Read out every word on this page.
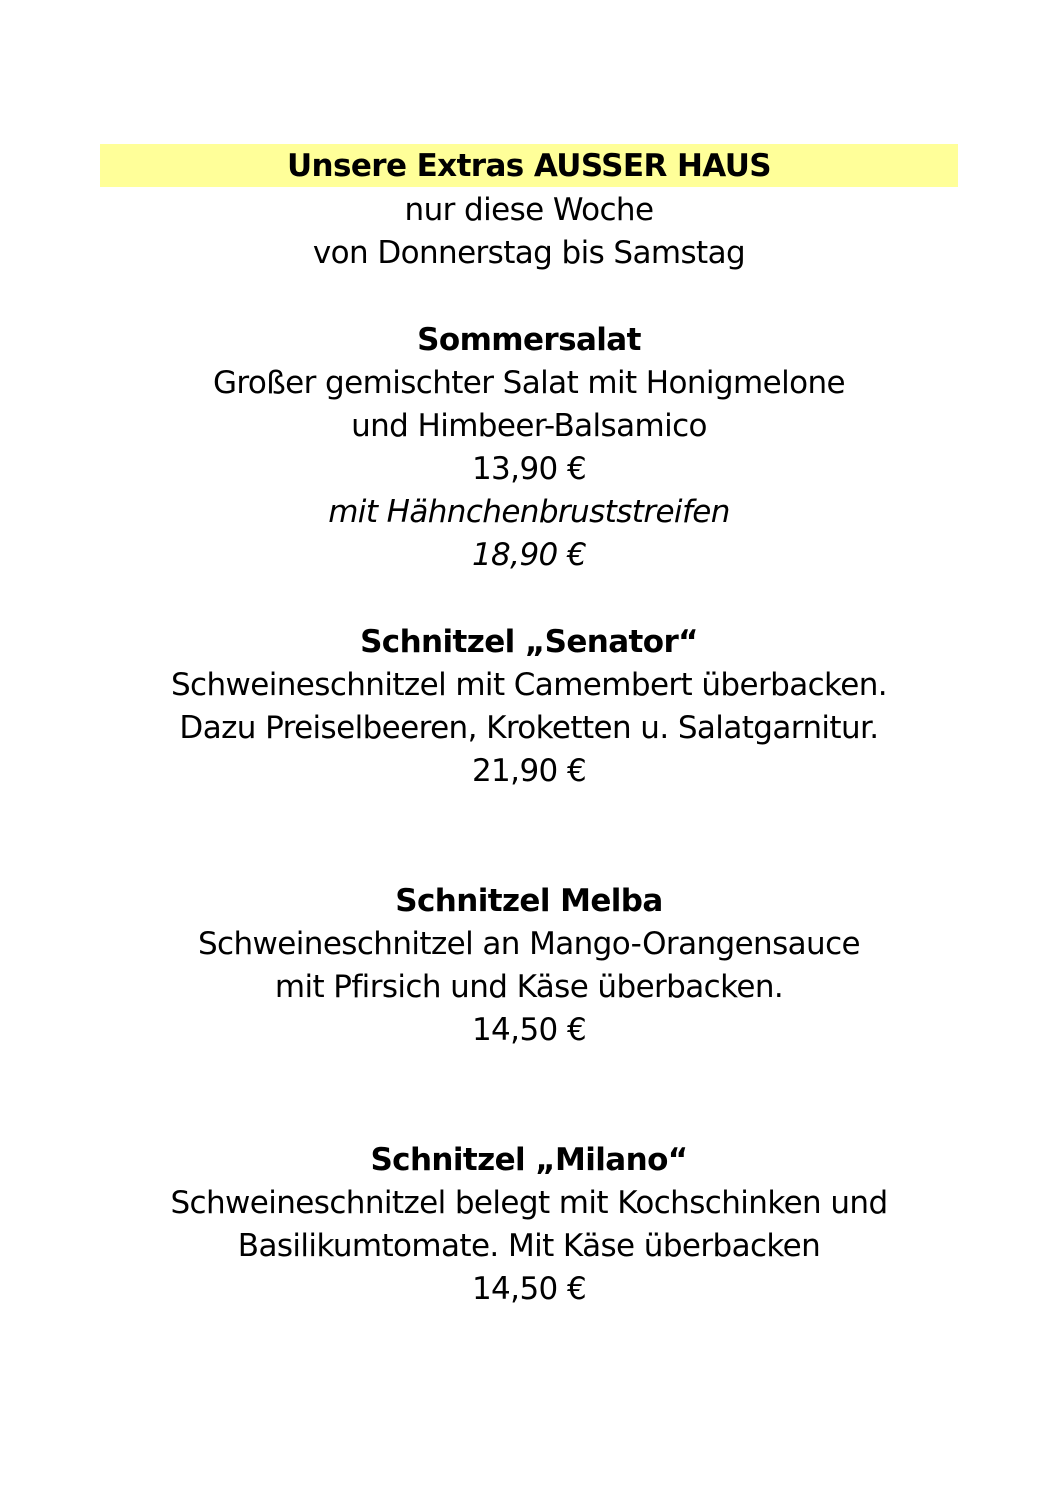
Unsere Extras AUSSER HAUS
nur diese Woche
von Donnerstag bis Samstag
Sommersalat
Großer gemischter Salat mit Honigmelone
und Himbeer-Balsamico
13,90 €
mit Hähnchenbruststreifen
18,90 €
Schnitzel „Senator“
Schweineschnitzel mit Camembert überbacken.
Dazu Preiselbeeren, Kroketten u. Salatgarnitur.
21,90 €
Schnitzel Melba
Schweineschnitzel an Mango-Orangensauce
mit Pfirsich und Käse überbacken.
14,50 €
Schnitzel „Milano“
Schweineschnitzel belegt mit Kochschinken und
Basilikumtomate. Mit Käse überbacken
14,50 €
